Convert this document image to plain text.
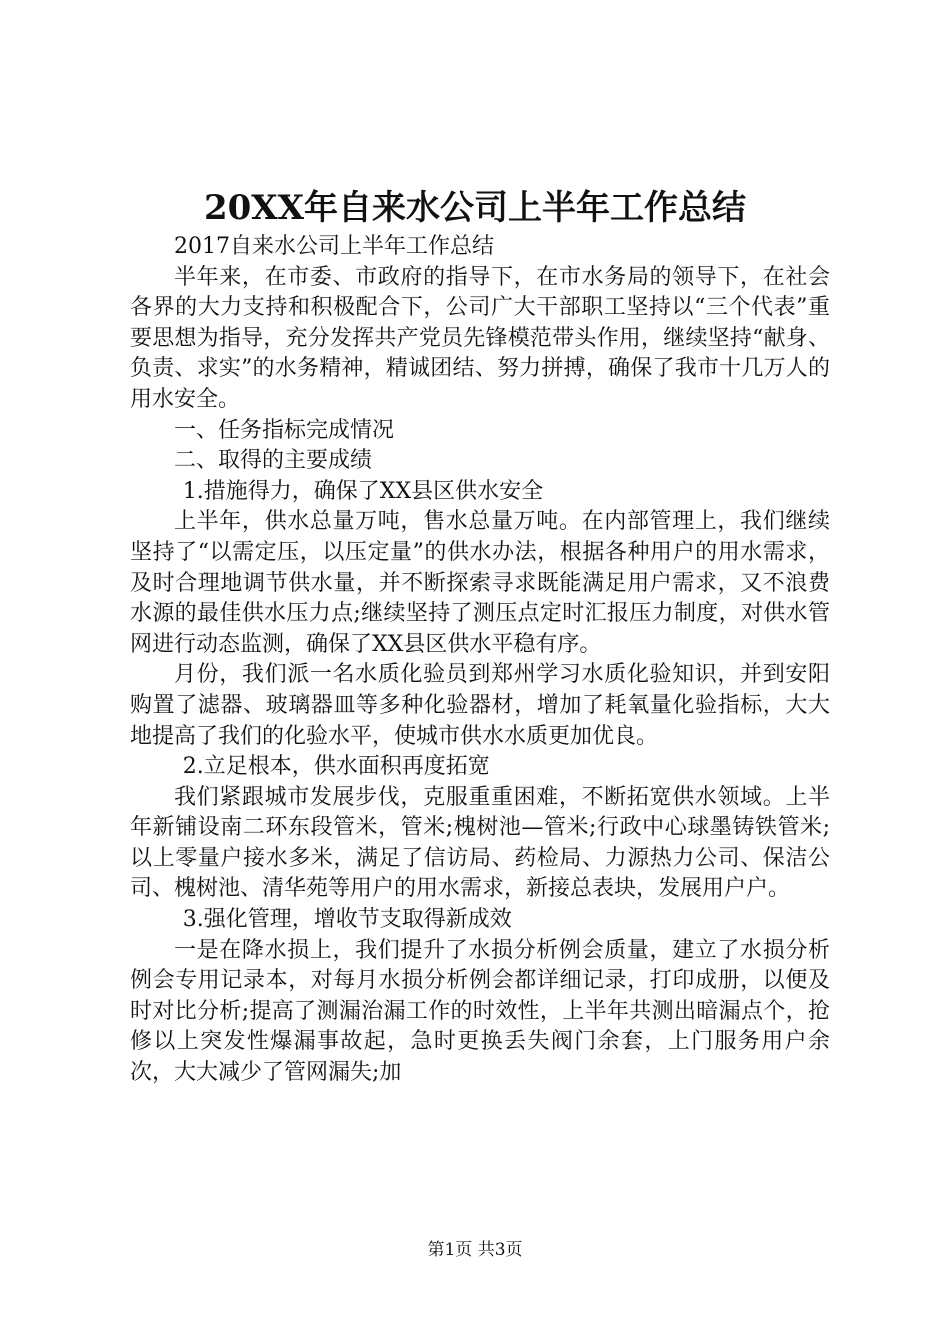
20XX年自来水公司上半年工作总结

2017自来水公司上半年工作总结

半年来，在市委、市政府的指导下，在市水务局的领导下，在社会各界的大力支持和积极配合下，公司广大干部职工坚持以“三个代表”重要思想为指导，充分发挥共产党员先锋模范带头作用，继续坚持“献身、负责、求实”的水务精神，精诚团结、努力拼搏，确保了我市十几万人的用水安全。

一、任务指标完成情况

二、取得的主要成绩

1.措施得力，确保了XX县区供水安全

上半年，供水总量万吨，售水总量万吨。在内部管理上，我们继续坚持了“以需定压，以压定量”的供水办法，根据各种用户的用水需求，及时合理地调节供水量，并不断探索寻求既能满足用户需求，又不浪费水源的最佳供水压力点;继续坚持了测压点定时汇报压力制度，对供水管网进行动态监测，确保了XX县区供水平稳有序。

月份，我们派一名水质化验员到郑州学习水质化验知识，并到安阳购置了滤器、玻璃器皿等多种化验器材，增加了耗氧量化验指标，大大地提高了我们的化验水平，使城市供水水质更加优良。

2.立足根本，供水面积再度拓宽

我们紧跟城市发展步伐，克服重重困难，不断拓宽供水领域。上半年新铺设南二环东段管米，管米;槐树池—管米;行政中心球墨铸铁管米;以上零量户接水多米，满足了信访局、药检局、力源热力公司、保洁公司、槐树池、清华苑等用户的用水需求，新接总表块，发展用户户。

3.强化管理，增收节支取得新成效

一是在降水损上，我们提升了水损分析例会质量，建立了水损分析例会专用记录本，对每月水损分析例会都详细记录，打印成册，以便及时对比分析;提高了测漏治漏工作的时效性，上半年共测出暗漏点个，抢修以上突发性爆漏事故起，急时更换丢失阀门余套，上门服务用户余次，大大减少了管网漏失;加

第1页 共3页
